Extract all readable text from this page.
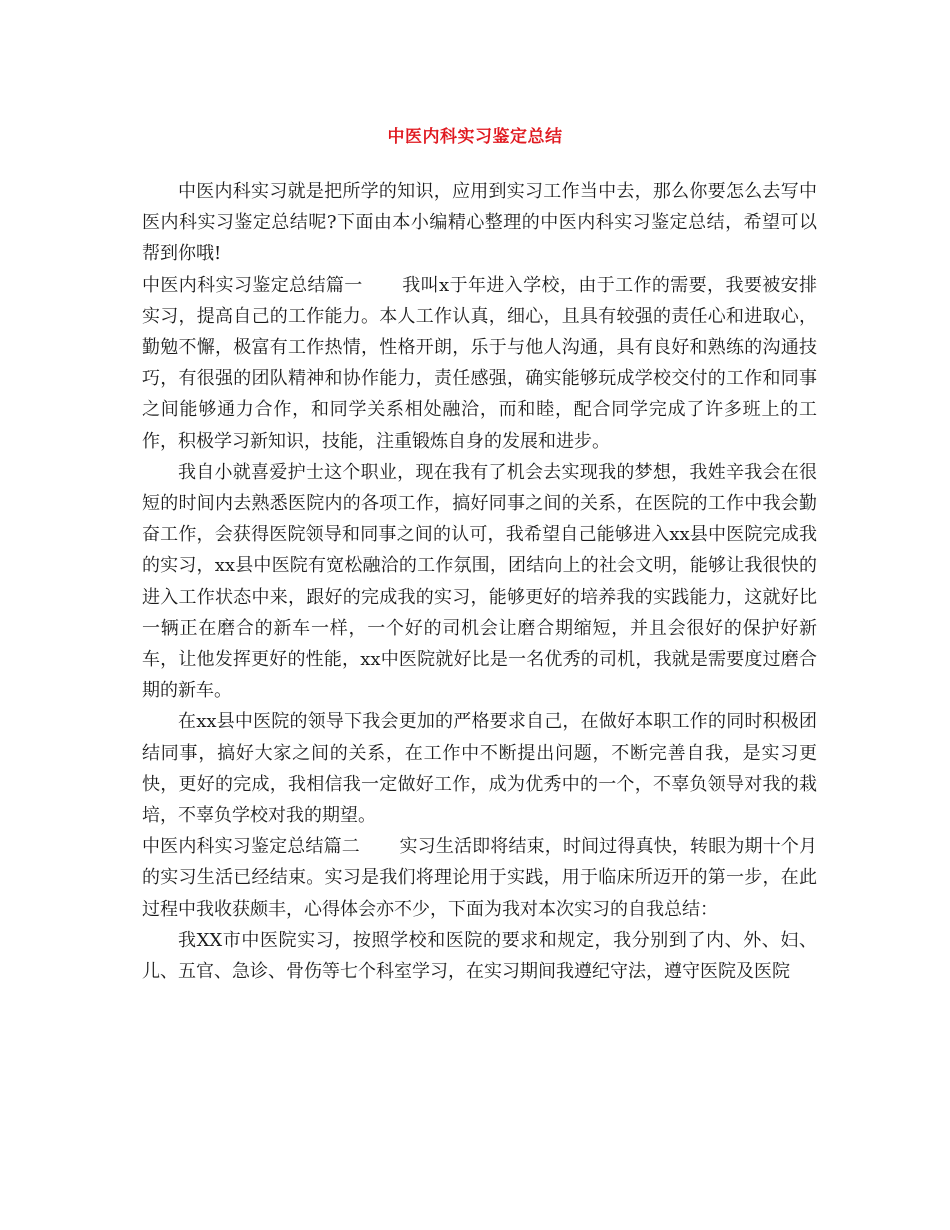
中医内科实习鉴定总结

中医内科实习就是把所学的知识，应用到实习工作当中去，那么你要怎么去写中医内科实习鉴定总结呢?下面由本小编精心整理的中医内科实习鉴定总结，希望可以帮到你哦!

中医内科实习鉴定总结篇一 我叫x于年进入学校，由于工作的需要，我要被安排实习，提高自己的工作能力。本人工作认真，细心，且具有较强的责任心和进取心，勤勉不懈，极富有工作热情，性格开朗，乐于与他人沟通，具有良好和熟练的沟通技巧，有很强的团队精神和协作能力，责任感强，确实能够玩成学校交付的工作和同事之间能够通力合作，和同学关系相处融洽，而和睦，配合同学完成了许多班上的工作，积极学习新知识，技能，注重锻炼自身的发展和进步。

我自小就喜爱护士这个职业，现在我有了机会去实现我的梦想，我姓辛我会在很短的时间内去熟悉医院内的各项工作，搞好同事之间的关系，在医院的工作中我会勤奋工作，会获得医院领导和同事之间的认可，我希望自己能够进入xx县中医院完成我的实习，xx县中医院有宽松融洽的工作氛围，团结向上的社会文明，能够让我很快的进入工作状态中来，跟好的完成我的实习，能够更好的培养我的实践能力，这就好比一辆正在磨合的新车一样，一个好的司机会让磨合期缩短，并且会很好的保护好新车，让他发挥更好的性能，xx中医院就好比是一名优秀的司机，我就是需要度过磨合期的新车。

在xx县中医院的领导下我会更加的严格要求自己，在做好本职工作的同时积极团结同事，搞好大家之间的关系，在工作中不断提出问题，不断完善自我，是实习更快，更好的完成，我相信我一定做好工作，成为优秀中的一个，不辜负领导对我的栽培，不辜负学校对我的期望。

中医内科实习鉴定总结篇二 实习生活即将结束，时间过得真快，转眼为期十个月的实习生活已经结束。实习是我们将理论用于实践，用于临床所迈开的第一步，在此过程中我收获颇丰，心得体会亦不少，下面为我对本次实习的自我总结：

我XX市中医院实习，按照学校和医院的要求和规定，我分别到了内、外、妇、儿、五官、急诊、骨伤等七个科室学习，在实习期间我遵纪守法，遵守医院及医院
